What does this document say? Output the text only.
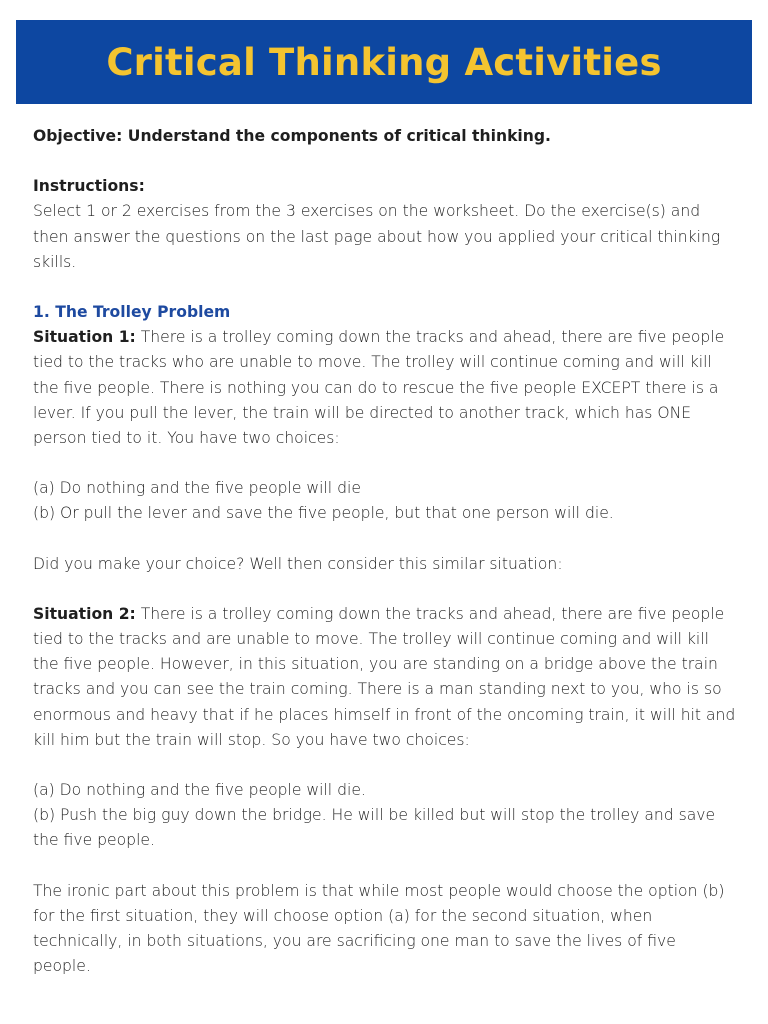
Critical Thinking Activities

Objective: Understand the components of critical thinking.

Instructions:

Select 1 or 2 exercises from the 3 exercises on the worksheet. Do the exercise(s) and then answer the questions on the last page about how you applied your critical thinking skills.

1. The Trolley Problem

Situation 1: There is a trolley coming down the tracks and ahead, there are five people tied to the tracks who are unable to move. The trolley will continue coming and will kill the five people. There is nothing you can do to rescue the five people EXCEPT there is a lever. If you pull the lever, the train will be directed to another track, which has ONE person tied to it. You have two choices:

(a) Do nothing and the five people will die

(b) Or pull the lever and save the five people, but that one person will die.

Did you make your choice? Well then consider this similar situation:

Situation 2: There is a trolley coming down the tracks and ahead, there are five people tied to the tracks and are unable to move. The trolley will continue coming and will kill the five people. However, in this situation, you are standing on a bridge above the train tracks and you can see the train coming. There is a man standing next to you, who is so enormous and heavy that if he places himself in front of the oncoming train, it will hit and kill him but the train will stop. So you have two choices:

(a) Do nothing and the five people will die.

(b) Push the big guy down the bridge. He will be killed but will stop the trolley and save the five people.

The ironic part about this problem is that while most people would choose the option (b) for the first situation, they will choose option (a) for the second situation, when technically, in both situations, you are sacrificing one man to save the lives of five people.
